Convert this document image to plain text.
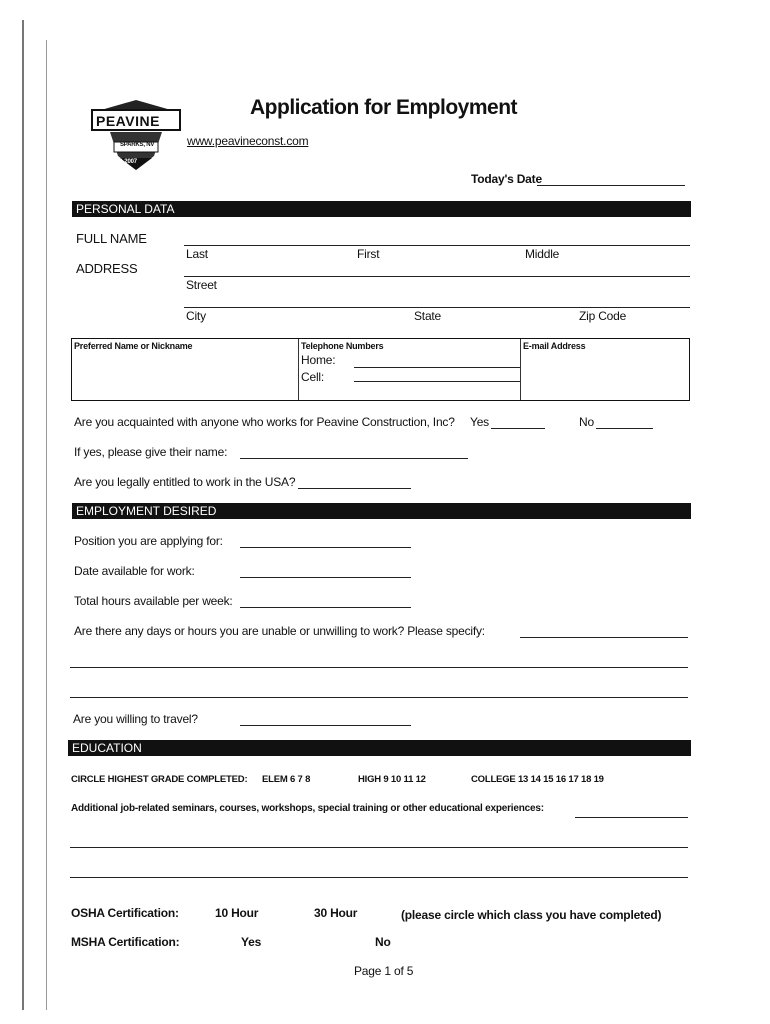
PEAVINE
SPARKS, NV
MCA 2007
Application for Employment
www.peavineconst.com
Today's Date
PERSONAL DATA
FULL NAME
Last	First	Middle
ADDRESS
Street
City	State	Zip Code
Preferred Name or Nickname	Telephone Numbers	E-mail Address
Home:
Cell:
Are you acquainted with anyone who works for Peavine Construction, Inc? Yes	No
If yes, please give their name:
Are you legally entitled to work in the USA?
EMPLOYMENT DESIRED
Position you are applying for:
Date available for work:
Total hours available per week:
Are there any days or hours you are unable or unwilling to work? Please specify:
Are you willing to travel?
EDUCATION
CIRCLE HIGHEST GRADE COMPLETED: ELEM 6 7 8	HIGH 9 10 11 12	COLLEGE 13 14 15 16 17 18 19
Additional job-related seminars, courses, workshops, special training or other educational experiences:
OSHA Certification:	10 Hour	30 Hour	(please circle which class you have completed)
MSHA Certification:	Yes	No
Page 1 of 5
